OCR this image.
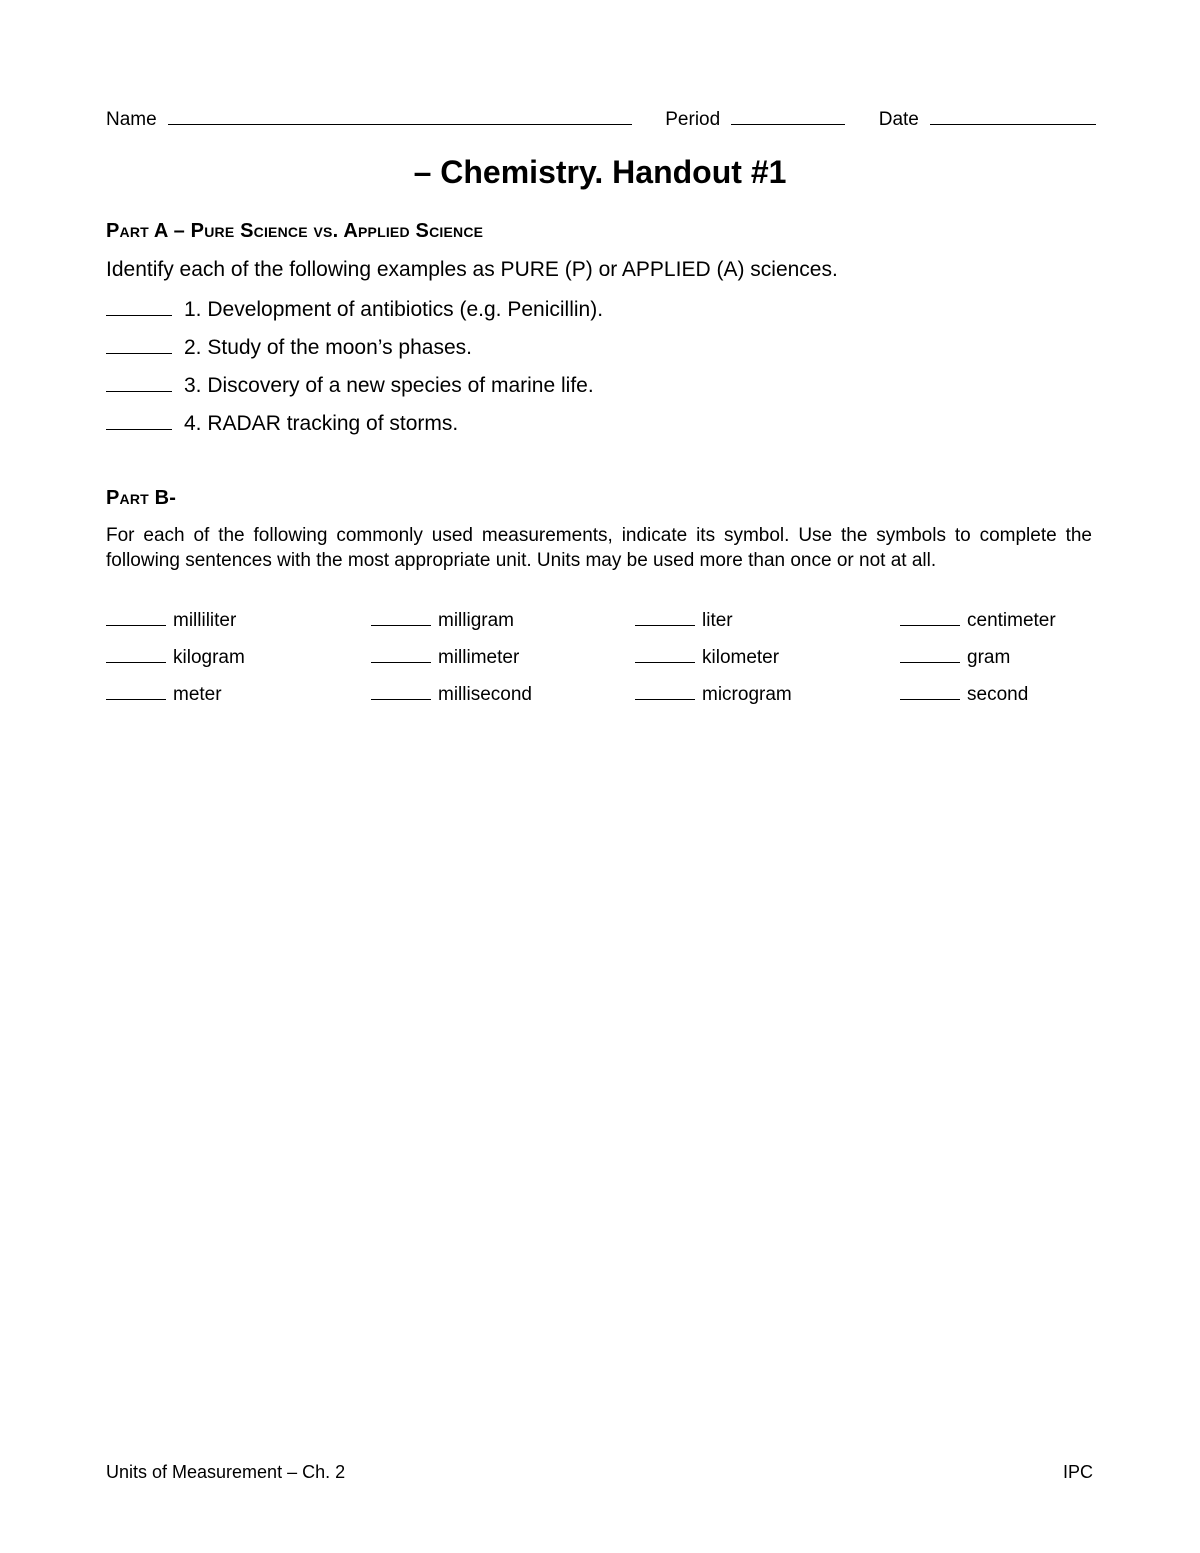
Name	Period	Date
– Chemistry. Handout #1
Part A – Pure Science vs. Applied Science
Identify each of the following examples as PURE (P) or APPLIED (A) sciences.
1. Development of antibiotics (e.g. Penicillin).
2. Study of the moon’s phases.
3. Discovery of a new species of marine life.
4. RADAR tracking of storms.
Part B-
For each of the following commonly used measurements, indicate its symbol. Use the symbols to complete the following sentences with the most appropriate unit. Units may be used more than once or not at all.
milliliter	milligram	liter	centimeter
kilogram	millimeter	kilometer	gram
meter	millisecond	microgram	second
Units of Measurement – Ch. 2	IPC
